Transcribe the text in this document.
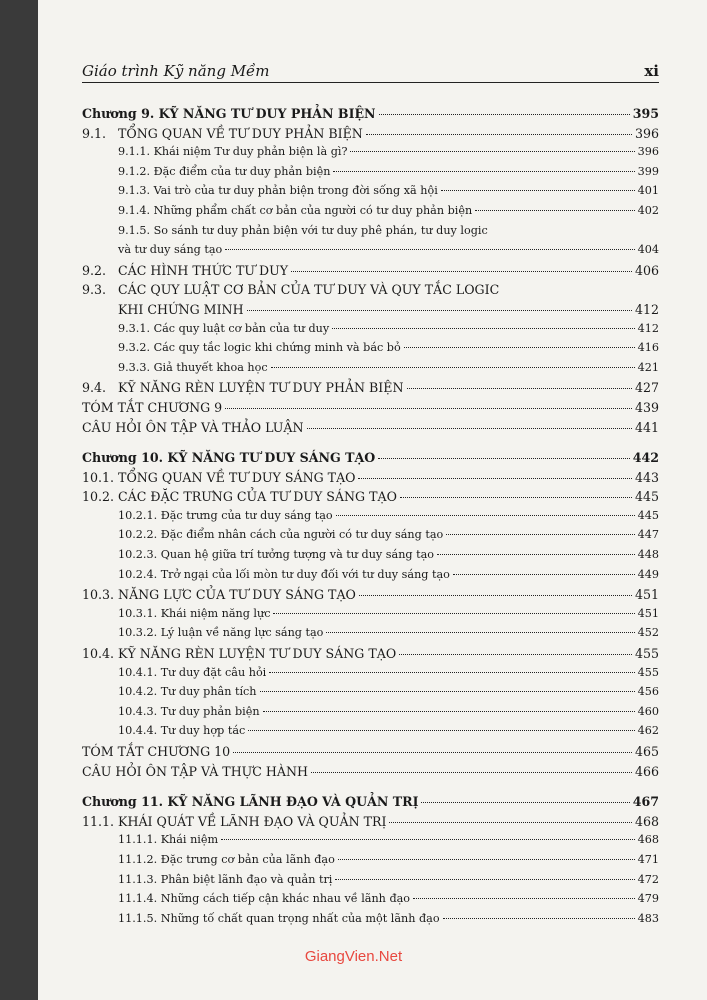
Giáo trình Kỹ năng Mềm	xi
Chương 9. KỸ NĂNG TƯ DUY PHẢN BIỆN	395
9.1. TỔNG QUAN VỀ TƯ DUY PHẢN BIỆN	396
9.1.1. Khái niệm Tư duy phản biện là gì?	396
9.1.2. Đặc điểm của tư duy phản biện	399
9.1.3. Vai trò của tư duy phản biện trong đời sống xã hội	401
9.1.4. Những phẩm chất cơ bản của người có tư duy phản biện	402
9.1.5. So sánh tư duy phản biện với tư duy phê phán, tư duy logic
và tư duy sáng tạo	404
9.2. CÁC HÌNH THỨC TƯ DUY	406
9.3. CÁC QUY LUẬT CƠ BẢN CỦA TƯ DUY VÀ QUY TẮC LOGIC
KHI CHỨNG MINH	412
9.3.1. Các quy luật cơ bản của tư duy	412
9.3.2. Các quy tắc logic khi chứng minh và bác bỏ	416
9.3.3. Giả thuyết khoa học	421
9.4. KỸ NĂNG RÈN LUYỆN TƯ DUY PHẢN BIỆN	427
TÓM TẮT CHƯƠNG 9	439
CÂU HỎI ÔN TẬP VÀ THẢO LUẬN	441
Chương 10. KỸ NĂNG TƯ DUY SÁNG TẠO	442
10.1. TỔNG QUAN VỀ TƯ DUY SÁNG TẠO	443
10.2. CÁC ĐẶC TRƯNG CỦA TƯ DUY SÁNG TẠO	445
10.2.1. Đặc trưng của tư duy sáng tạo	445
10.2.2. Đặc điểm nhân cách của người có tư duy sáng tạo	447
10.2.3. Quan hệ giữa trí tưởng tượng và tư duy sáng tạo	448
10.2.4. Trở ngại của lối mòn tư duy đối với tư duy sáng tạo	449
10.3. NĂNG LỰC CỦA TƯ DUY SÁNG TẠO	451
10.3.1. Khái niệm năng lực	451
10.3.2. Lý luận về năng lực sáng tạo	452
10.4. KỸ NĂNG RÈN LUYỆN TƯ DUY SÁNG TẠO	455
10.4.1. Tư duy đặt câu hỏi	455
10.4.2. Tư duy phân tích	456
10.4.3. Tư duy phản biện	460
10.4.4. Tư duy hợp tác	462
TÓM TẮT CHƯƠNG 10	465
CÂU HỎI ÔN TẬP VÀ THỰC HÀNH	466
Chương 11. KỸ NĂNG LÃNH ĐẠO VÀ QUẢN TRỊ	467
11.1. KHÁI QUÁT VỀ LÃNH ĐẠO VÀ QUẢN TRỊ	468
11.1.1. Khái niệm	468
11.1.2. Đặc trưng cơ bản của lãnh đạo	471
11.1.3. Phân biệt lãnh đạo và quản trị	472
11.1.4. Những cách tiếp cận khác nhau về lãnh đạo	479
11.1.5. Những tố chất quan trọng nhất của một lãnh đạo	483
GiangVien.Net
